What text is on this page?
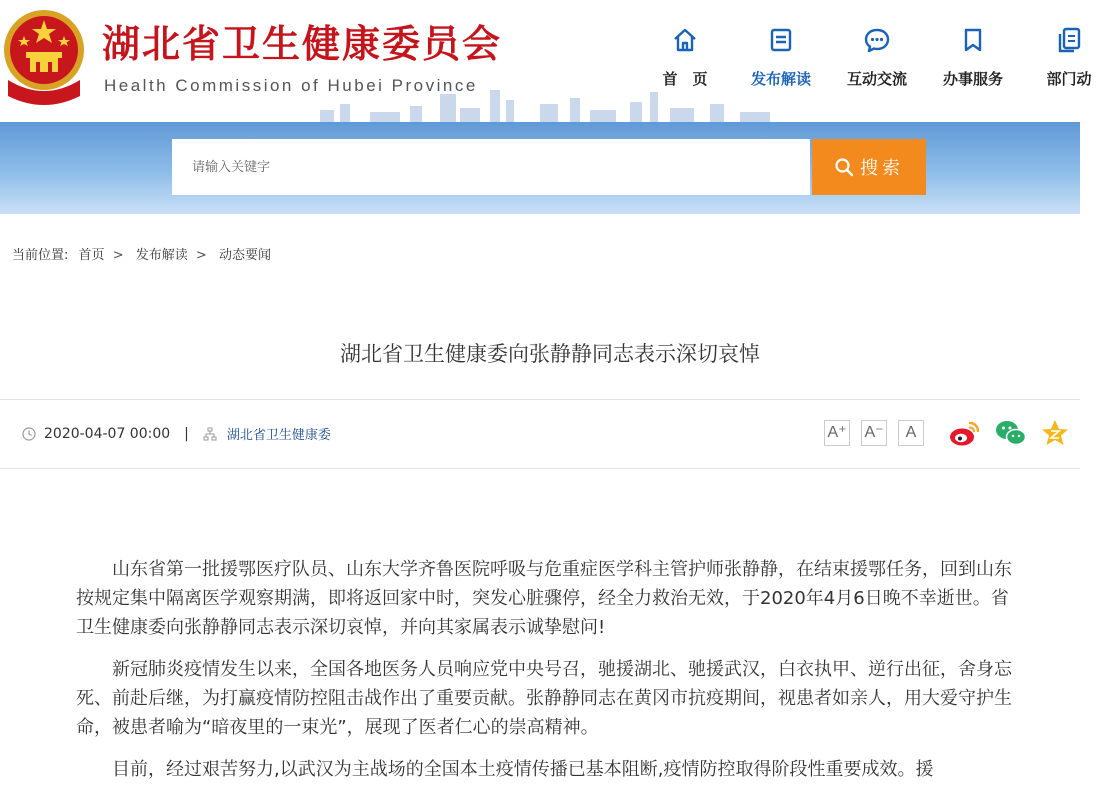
湖北省卫生健康委员会
Health Commission of Hubei Province	首　页	发布解读	互动交流	办事服务	部门动
请输入关键字
搜索
当前位置: 首页 > 发布解读 > 动态要闻
湖北省卫生健康委向张静静同志表示深切哀悼
2020-04-07 00:00 |	湖北省卫生健康委	A⁺ A⁻	A

山东省第一批援鄂医疗队员、山东大学齐鲁医院呼吸与危重症医学科主管护师张静静，在结束援鄂任务，回到山东按规定集中隔离医学观察期满，即将返回家中时，突发心脏骤停，经全力救治无效，于2020年4月6日晚不幸逝世。省卫生健康委向张静静同志表示深切哀悼，并向其家属表示诚挚慰问!

新冠肺炎疫情发生以来，全国各地医务人员响应党中央号召，驰援湖北、驰援武汉，白衣执甲、逆行出征，舍身忘死、前赴后继，为打赢疫情防控阻击战作出了重要贡献。张静静同志在黄冈市抗疫期间，视患者如亲人，用大爱守护生命，被患者喻为“暗夜里的一束光”，展现了医者仁心的崇高精神。

目前，经过艰苦努力,以武汉为主战场的全国本土疫情传播已基本阻断,疫情防控取得阶段性重要成效。援
